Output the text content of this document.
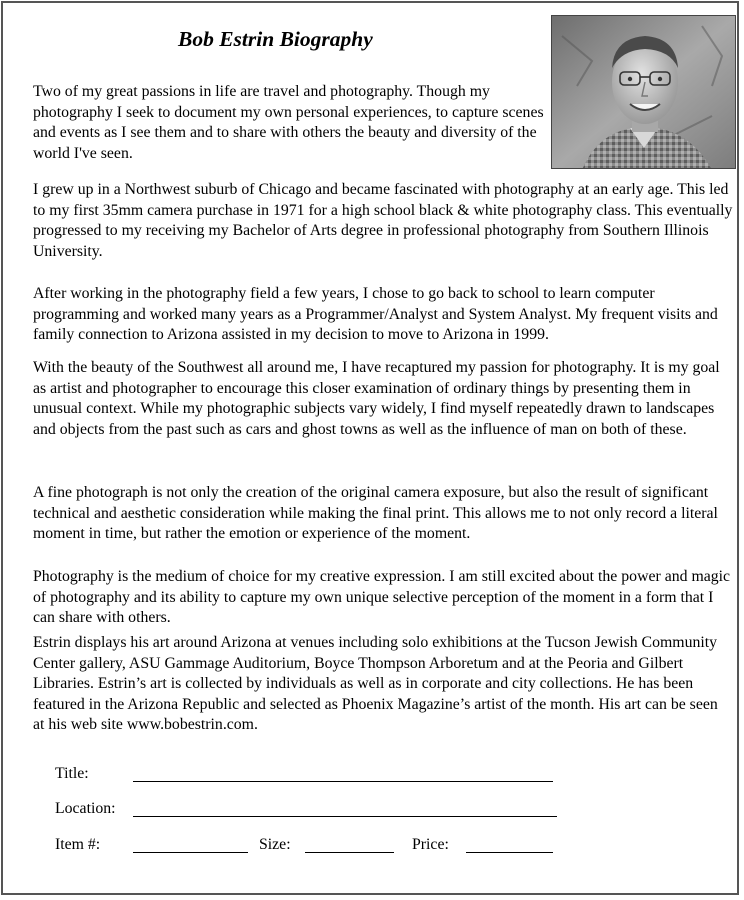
Bob Estrin Biography

Two of my great passions in life are travel and photography. Though my photography I seek to document my own personal experiences, to capture scenes and events as I see them and to share with others the beauty and diversity of the world I've seen.

I grew up in a Northwest suburb of Chicago and became fascinated with photography at an early age. This led to my first 35mm camera purchase in 1971 for a high school black & white photography class. This eventually progressed to my receiving my Bachelor of Arts degree in professional photography from Southern Illinois University.

After working in the photography field a few years, I chose to go back to school to learn computer programming and worked many years as a Programmer/Analyst and System Analyst. My frequent visits and family connection to Arizona assisted in my decision to move to Arizona in 1999.

With the beauty of the Southwest all around me, I have recaptured my passion for photography. It is my goal as artist and photographer to encourage this closer examination of ordinary things by presenting them in unusual context. While my photographic subjects vary widely, I find myself repeatedly drawn to landscapes and objects from the past such as cars and ghost towns as well as the influence of man on both of these.

A fine photograph is not only the creation of the original camera exposure, but also the result of significant technical and aesthetic consideration while making the final print. This allows me to not only record a literal moment in time, but rather the emotion or experience of the moment.

Photography is the medium of choice for my creative expression. I am still excited about the power and magic of photography and its ability to capture my own unique selective perception of the moment in a form that I can share with others.

Estrin displays his art around Arizona at venues including solo exhibitions at the Tucson Jewish Community Center gallery, ASU Gammage Auditorium, Boyce Thompson Arboretum and at the Peoria and Gilbert Libraries. Estrin’s art is collected by individuals as well as in corporate and city collections. He has been featured in the Arizona Republic and selected as Phoenix Magazine’s artist of the month. His art can be seen at his web site www.bobestrin.com.

Title:
Location:
Item #:	Size:	Price:
